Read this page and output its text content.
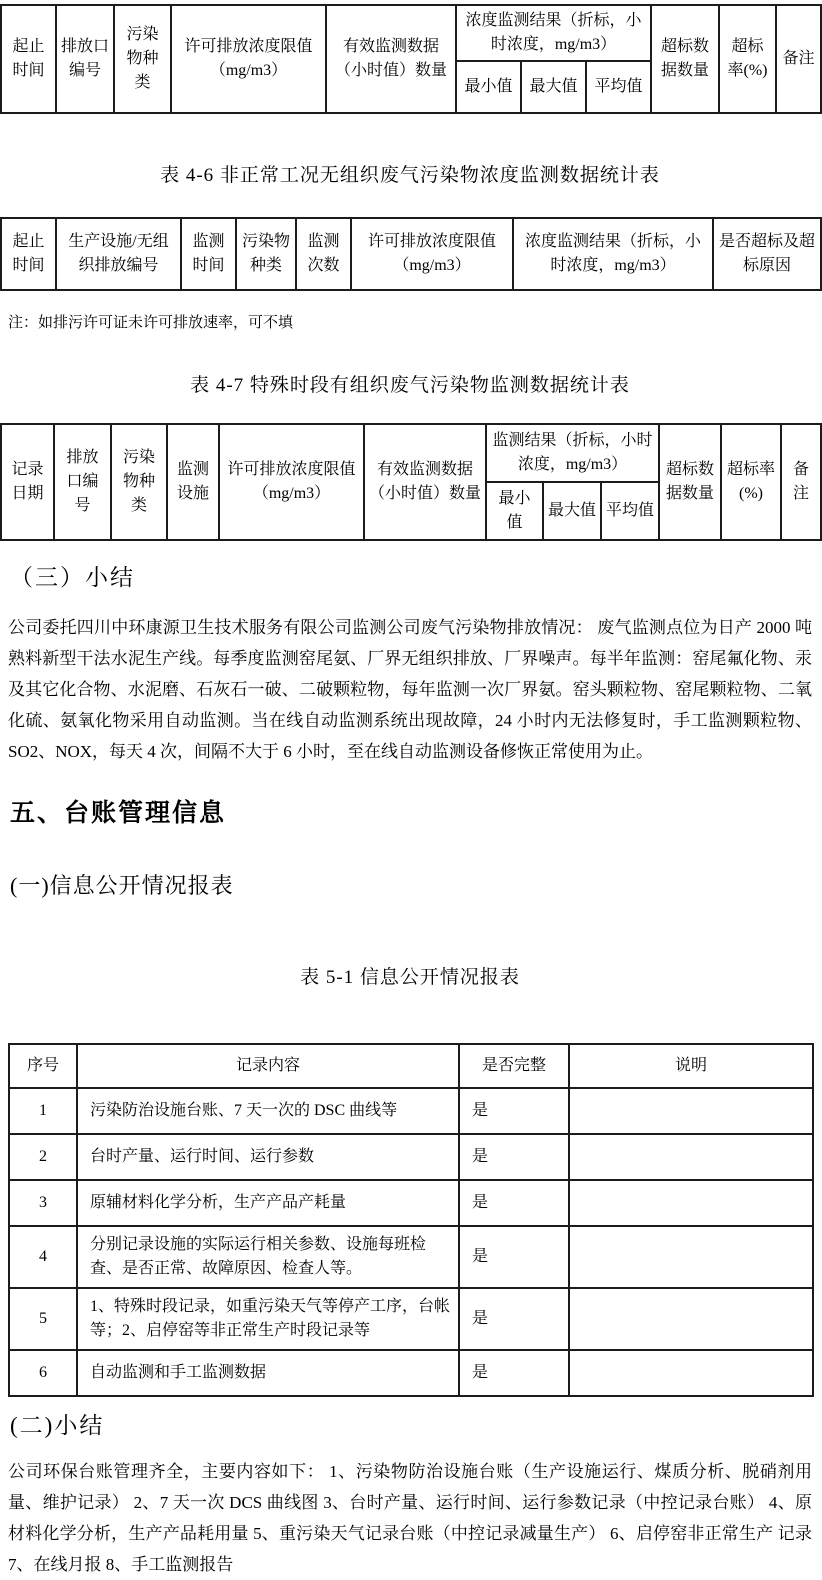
起止时间	排放口编号	污染物种类	许可排放浓度限值（mg/m3）	有效监测数据（小时值）数量	浓度监测结果（折标，小时浓度，mg/m3）			超标数据数量	超标率(%)	备注
					最小值	最大值	平均值			
表 4-6 非正常工况无组织废气污染物浓度监测数据统计表
起止时间	生产设施/无组织排放编号	监测时间	污染物种类	监测次数	许可排放浓度限值（mg/m3）	浓度监测结果（折标，小时浓度，mg/m3）	是否超标及超标原因
注：如排污许可证未许可排放速率，可不填
表 4-7 特殊时段有组织废气污染物监测数据统计表
记录日期	排放口编号	污染物种类	监测设施	许可排放浓度限值（mg/m3）	有效监测数据（小时值）数量	监测结果（折标，小时浓度，mg/m3）			超标数据数量	超标率(%)	备注
						最小值	最大值	平均值			
（三）小结
公司委托四川中环康源卫生技术服务有限公司监测公司废气污染物排放情况： 废气监测点位为日产 2000 吨熟料新型干法水泥生产线。每季度监测窑尾氨、厂界无组织排放、厂界噪声。每半年监测：窑尾氟化物、汞及其它化合物、水泥磨、石灰石一破、二破颗粒物，每年监测一次厂界氨。窑头颗粒物、窑尾颗粒物、二氧化硫、氨氧化物采用自动监测。当在线自动监测系统出现故障，24 小时内无法修复时，手工监测颗粒物、SO2、NOX，每天 4 次，间隔不大于 6 小时，至在线自动监测设备修恢正常使用为止。
五、台账管理信息
(一)信息公开情况报表
表 5-1 信息公开情况报表
序号	记录内容	是否完整	说明
1	污染防治设施台账、7 天一次的 DSC 曲线等	是	
2	台时产量、运行时间、运行参数	是	
3	原辅材料化学分析，生产产品产耗量	是	
4	分别记录设施的实际运行相关参数、设施每班检查、是否正常、故障原因、检查人等。	是	
5	1、特殊时段记录，如重污染天气等停产工序，台帐等；2、启停窑等非正常生产时段记录等	是	
6	自动监测和手工监测数据	是	
(二)小结
公司环保台账管理齐全，主要内容如下： 1、污染物防治设施台账（生产设施运行、煤质分析、脱硝剂用量、维护记录） 2、7 天一次 DCS 曲线图 3、台时产量、运行时间、运行参数记录（中控记录台账） 4、原材料化学分析，生产产品耗用量 5、重污染天气记录台账（中控记录减量生产） 6、启停窑非正常生产 记录 7、在线月报 8、手工监测报告
